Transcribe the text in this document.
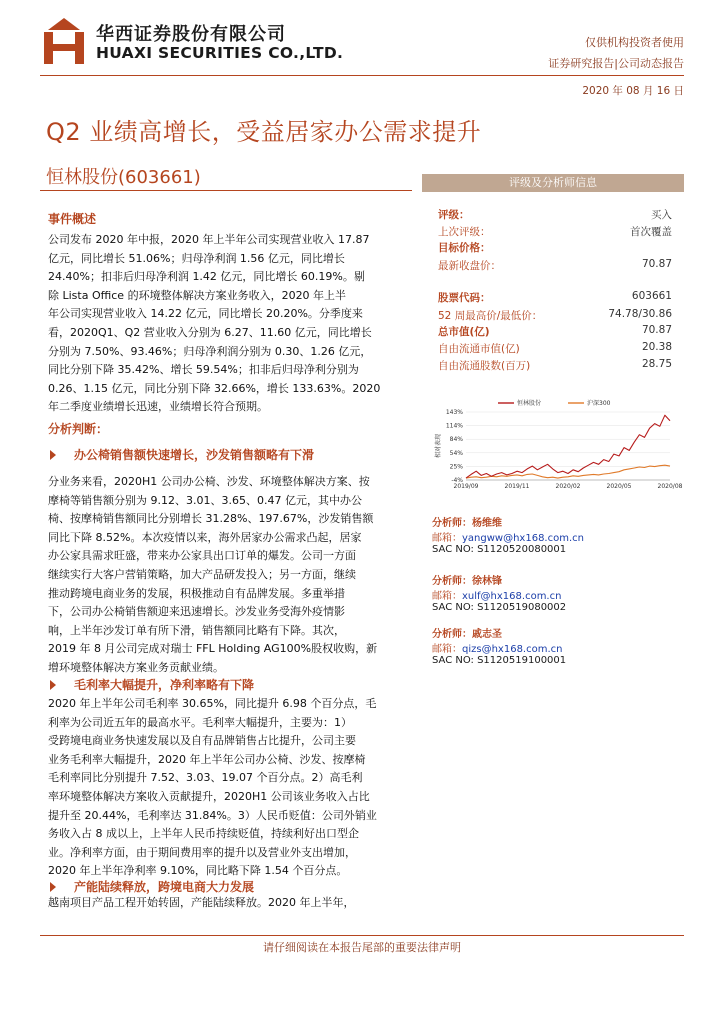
华西证券股份有限公司
HUAXI SECURITIES CO.,LTD.
仅供机构投资者使用
证券研究报告|公司动态报告
2020 年 08 月 16 日
Q2 业绩高增长，受益居家办公需求提升
恒林股份(603661)
事件概述
公司发布 2020 年中报，2020 年上半年公司实现营业收入 17.87
亿元，同比增长 51.06%；归母净利润 1.56 亿元，同比增长
24.40%；扣非后归母净利润 1.42 亿元，同比增长 60.19%。剔
除 Lista Office 的环境整体解决方案业务收入，2020 年上半
年公司实现营业收入 14.22 亿元，同比增长 20.20%。分季度来
看，2020Q1、Q2 营业收入分别为 6.27、11.60 亿元，同比增长
分别为 7.50%、93.46%；归母净利润分别为 0.30、1.26 亿元，
同比分别下降 35.42%、增长 59.54%；扣非后归母净利分别为
0.26、1.15 亿元，同比分别下降 32.66%，增长 133.63%。2020
年二季度业绩增长迅速，业绩增长符合预期。
分析判断：
办公椅销售额快速增长，沙发销售额略有下滑
分业务来看，2020H1 公司办公椅、沙发、环境整体解决方案、按
摩椅等销售额分别为 9.12、3.01、3.65、0.47 亿元，其中办公
椅、按摩椅销售额同比分别增长 31.28%、197.67%，沙发销售额
同比下降 8.52%。本次疫情以来，海外居家办公需求凸起，居家
办公家具需求旺盛，带来办公家具出口订单的爆发。公司一方面
继续实行大客户营销策略，加大产品研发投入；另一方面，继续
推动跨境电商业务的发展，积极推动自有品牌发展。多重举措
下，公司办公椅销售额迎来迅速增长。沙发业务受海外疫情影
响，上半年沙发订单有所下滑，销售额同比略有下降。其次，
2019 年 8 月公司完成对瑞士 FFL Holding AG100%股权收购，新
增环境整体解决方案业务贡献业绩。
毛利率大幅提升，净利率略有下降
2020 年上半年公司毛利率 30.65%，同比提升 6.98 个百分点，毛
利率为公司近五年的最高水平。毛利率大幅提升，主要为：1）
受跨境电商业务快速发展以及自有品牌销售占比提升，公司主要
业务毛利率大幅提升，2020 年上半年公司办公椅、沙发、按摩椅
毛利率同比分别提升 7.52、3.03、19.07 个百分点。2）高毛利
率环境整体解决方案收入贡献提升，2020H1 公司该业务收入占比
提升至 20.44%，毛利率达 31.84%。3）人民币贬值：公司外销业
务收入占 8 成以上，上半年人民币持续贬值，持续利好出口型企
业。净利率方面，由于期间费用率的提升以及营业外支出增加，
2020 年上半年净利率 9.10%，同比略下降 1.54 个百分点。
产能陆续释放，跨境电商大力发展
越南项目产品工程开始转固，产能陆续释放。2020 年上半年，
评级及分析师信息
评级：	买入
上次评级：	首次覆盖
目标价格：
最新收盘价：	70.87
股票代码：	603661
52 周最高价/最低价：	74.78/30.86
总市值(亿)	70.87
自由流通市值(亿)	20.38
自由流通股数(百万)	28.75
恒林股份	沪深300
143%
114%
84%
54%
25%
-4%
2019/09	2019/11	2020/02	2020/05	2020/08
相对表现
分析师：杨维维
邮箱：yangww@hx168.com.cn
SAC NO: S1120520080001
分析师：徐林锋
邮箱：xulf@hx168.com.cn
SAC NO: S1120519080002
分析师：戚志圣
邮箱：qizs@hx168.com.cn
SAC NO: S1120519100001
请仔细阅读在本报告尾部的重要法律声明
